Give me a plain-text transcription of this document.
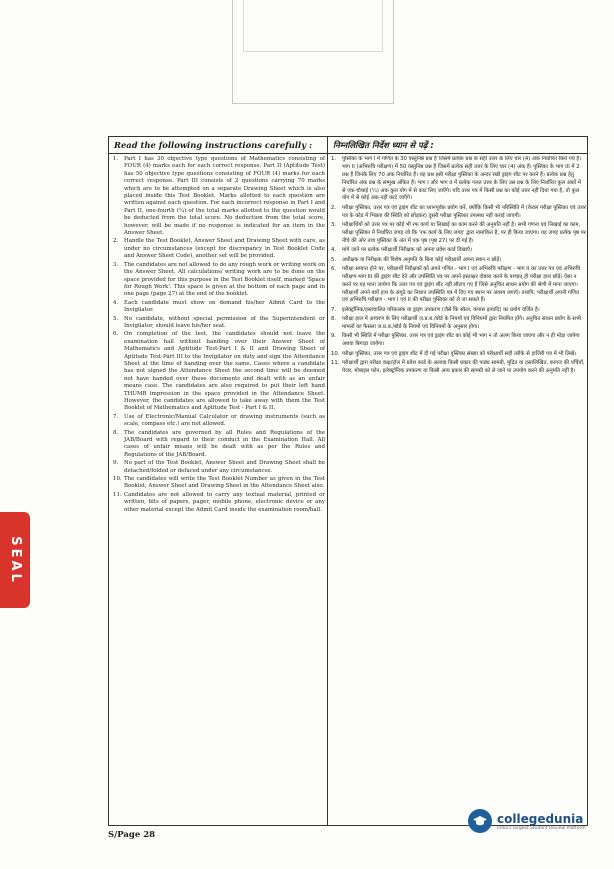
SEAL
Read the following instructions carefully :	निम्नलिखित निर्देश ध्यान से पढ़ें :
1.	Part I has 30 objective type questions of Mathematics consisting of FOUR (4) marks each for each correct response. Part II (Aptitude Test) has 50 objective type questions consisting of FOUR (4) marks for each correct response. Part III consists of 2 questions carrying 70 marks which are to be attempted on a separate Drawing Sheet which is also placed inside this Test Booklet. Marks allotted to each question are written against each question. For each incorrect response in Part I and Part II, one-fourth (¼) of the total marks allotted to the question would be deducted from the total score. No deduction from the total score, however, will be made if no response is indicated for an item in the Answer Sheet.
2.	Handle the Test Booklet, Answer Sheet and Drawing Sheet with care, as under no circumstances (except for discrepancy in Test Booklet Code and Answer Sheet Code), another set will be provided.
3.	The candidates are not allowed to do any rough work or writing work on the Answer Sheet. All calculations/ writing work are to be done on the space provided for this purpose in the Test Booklet itself, marked 'Space for Rough Work'. This space is given at the bottom of each page and in one page (page 27) at the end of the booklet.
4.	Each candidate must show on demand his/her Admit Card to the Invigilator.
5.	No candidate, without special permission of the Superintendent or Invigilator, should leave his/her seat.
6.	On completion of the test, the candidates should not leave the examination hall without handing over their Answer Sheet of Mathematics and Aptitude Test-Part I & II and Drawing Sheet of Aptitude Test-Part III to the Invigilator on duty and sign the Attendance Sheet at the time of handing over the same. Cases where a candidate has not signed the Attendance Sheet the second time will be deemed not have handed over these documents and dealt with as an unfair means case. The candidates are also required to put their left hand THUMB impression in the space provided in the Attendance Sheet. However, the candidates are allowed to take away with them the Test Booklet of Mathematics and Aptitude Test - Part I & II.
7.	Use of Electronic/Manual Calculator or drawing instruments (such as scale, compass etc.) are not allowed.
8.	The candidates are governed by all Rules and Regulations of the JAB/Board with regard to their conduct in the Examination Hall. All cases of unfair means will be dealt with as per the Rules and Regulations of the JAB/Board.
9.	No part of the Test Booklet, Answer Sheet and Drawing Sheet shall be detached/folded or defaced under any circumstances.
10. The candidates will write the Test Booklet Number as given in the Test Booklet, Answer Sheet and Drawing Sheet in the Attendance Sheet also.
11. Candidates are not allowed to carry any textual material, printed or written, bits of papers, pager, mobile phone, electronic device or any other material except the Admit Card inside the examination room/hall.
1.	पुस्तिका के भाग I में गणित के 30 वस्तुनिष्ठ प्रश्न हैं जिसमें प्रत्येक प्रश्न के सही उत्तर के लिए चार (4) अंक निर्धारित किये गये हैं। भाग II (अभिरुचि परीक्षण) में 50 वस्तुनिष्ठ प्रश्न हैं जिसमें प्रत्येक सही उत्तर के लिए चार (4) अंक हैं। पुस्तिका के भाग III में 2 प्रश्न हैं जिनके लिए 70 अंक निर्धारित हैं। यह प्रश्न इसी परीक्षा पुस्तिका के अन्दर रखी ड्राइंग शीट पर करने हैं। प्रत्येक प्रश्न हेतु निर्धारित अंक प्रश्न के सम्मुख अंकित हैं। भाग I और भाग II में प्रत्येक गलत उत्तर के लिए उस प्रश्न के लिए निर्धारित कुल अंकों में से एक-चौथाई (¼) अंक कुल योग में से काट लिए जाएँगे। यदि उत्तर पत्र में किसी प्रश्न का कोई उत्तर नहीं दिया गया है, तो कुल योग में से कोई अंक नहीं काटे जाएँगे।
2.	परीक्षा पुस्तिका, उत्तर पत्र एवं ड्राइंग शीट का ध्यानपूर्वक प्रयोग करें, क्योंकि किसी भी परिस्थिति में (केवल परीक्षा पुस्तिका एवं उत्तर पत्र के कोड में भिन्नता की स्थिति को छोड़कर) दूसरी परीक्षा पुस्तिका उपलब्ध नहीं कराई जाएगी।
3.	परीक्षार्थियों को उत्तर पत्र पर कोई भी रफ कार्य या लिखाई का काम करने की अनुमति नहीं है। सभी गणना एवं लिखाई का काम, परीक्षा पुस्तिका में निर्धारित जगह जो कि 'रफ कार्य के लिए जगह' द्वारा नामांकित है, पर ही किया जाएगा। यह जगह प्रत्येक पृष्ठ पर नीचे की ओर तथा पुस्तिका के अंत में एक पृष्ठ (पृष्ठ 27) पर दी गई है।
4.	मांगे जाने पर प्रत्येक परीक्षार्थी निरीक्षक को अपना प्रवेश कार्ड दिखाएँ।
5.	अधीक्षक या निरीक्षक की विशेष अनुमति के बिना कोई परीक्षार्थी अपना स्थान न छोड़ें।
6.	परीक्षा समाप्त होने पर, परीक्षार्थी निरीक्षकों को अपने गणित - भाग I एवं अभिरुचि परीक्षण - भाग II का उत्तर पत्र एवं अभिरुचि परीक्षण-भाग III की ड्राइंग शीट देने और उपस्थिति पत्र पर अपने हस्ताक्षर दोबारा करने के पश्चात् ही परीक्षा हाल छोड़ें। ऐसा न करने पर यह माना जायेगा कि उत्तर पत्र एवं ड्राइंग शीट नहीं लौटाए गए हैं जिसे अनुचित साधन प्रयोग की श्रेणी में माना जाएगा। परीक्षार्थी अपने बायें हाथ के अंगूठे का निशान उपस्थिति पत्र में दिए गए स्थान पर अवश्य लगाएँ। तथापि, परीक्षार्थी अपनी गणित एवं अभिरुचि परीक्षण - भाग I एवं II की परीक्षा पुस्तिका को ले जा सकते हैं।
7.	इलेक्ट्रॉनिक/हस्तचालित परिकलक या ड्राइंग उपकरण (जैसे कि स्केल, कंपास इत्यादि) का प्रयोग वर्जित है।
8.	परीक्षा हाल में आचरण के लिए परीक्षार्थी ज.प्र.ब./बोर्ड के नियमों एवं विनियमों द्वारा नियमित होंगे। अनुचित साधन प्रयोग के सभी मामलों का फैसला ज.प्र.ब./बोर्ड के नियमों एवं विनियमों के अनुसार होगा।
9.	किसी भी स्थिति में परीक्षा पुस्तिका, उत्तर पत्र एवं ड्राइंग शीट का कोई भी भाग न तो अलग किया जाएगा और न ही मोड़ा जायेगा अथवा बिगाड़ा जायेगा।
10. परीक्षा पुस्तिका, उत्तर पत्र एवं ड्राइंग शीट में दी गई परीक्षा पुस्तिका संख्या को परीक्षार्थी सही तरीके से हाजिरी पत्र में भी लिखें।
11. परीक्षार्थी द्वारा परीक्षा कक्ष/हॉल में प्रवेश कार्ड के अलावा किसी प्रकार की पाठ्य सामग्री, मुद्रित या हस्तलिखित, कागज की पर्चियाँ, पेजर, मोबाइल फोन, इलेक्ट्रॉनिक उपकरण या किसी अन्य प्रकार की सामग्री को ले जाने या उपयोग करने की अनुमति नहीं है।
S/Page 28
collegedunia
India's largest Student Review Platform
